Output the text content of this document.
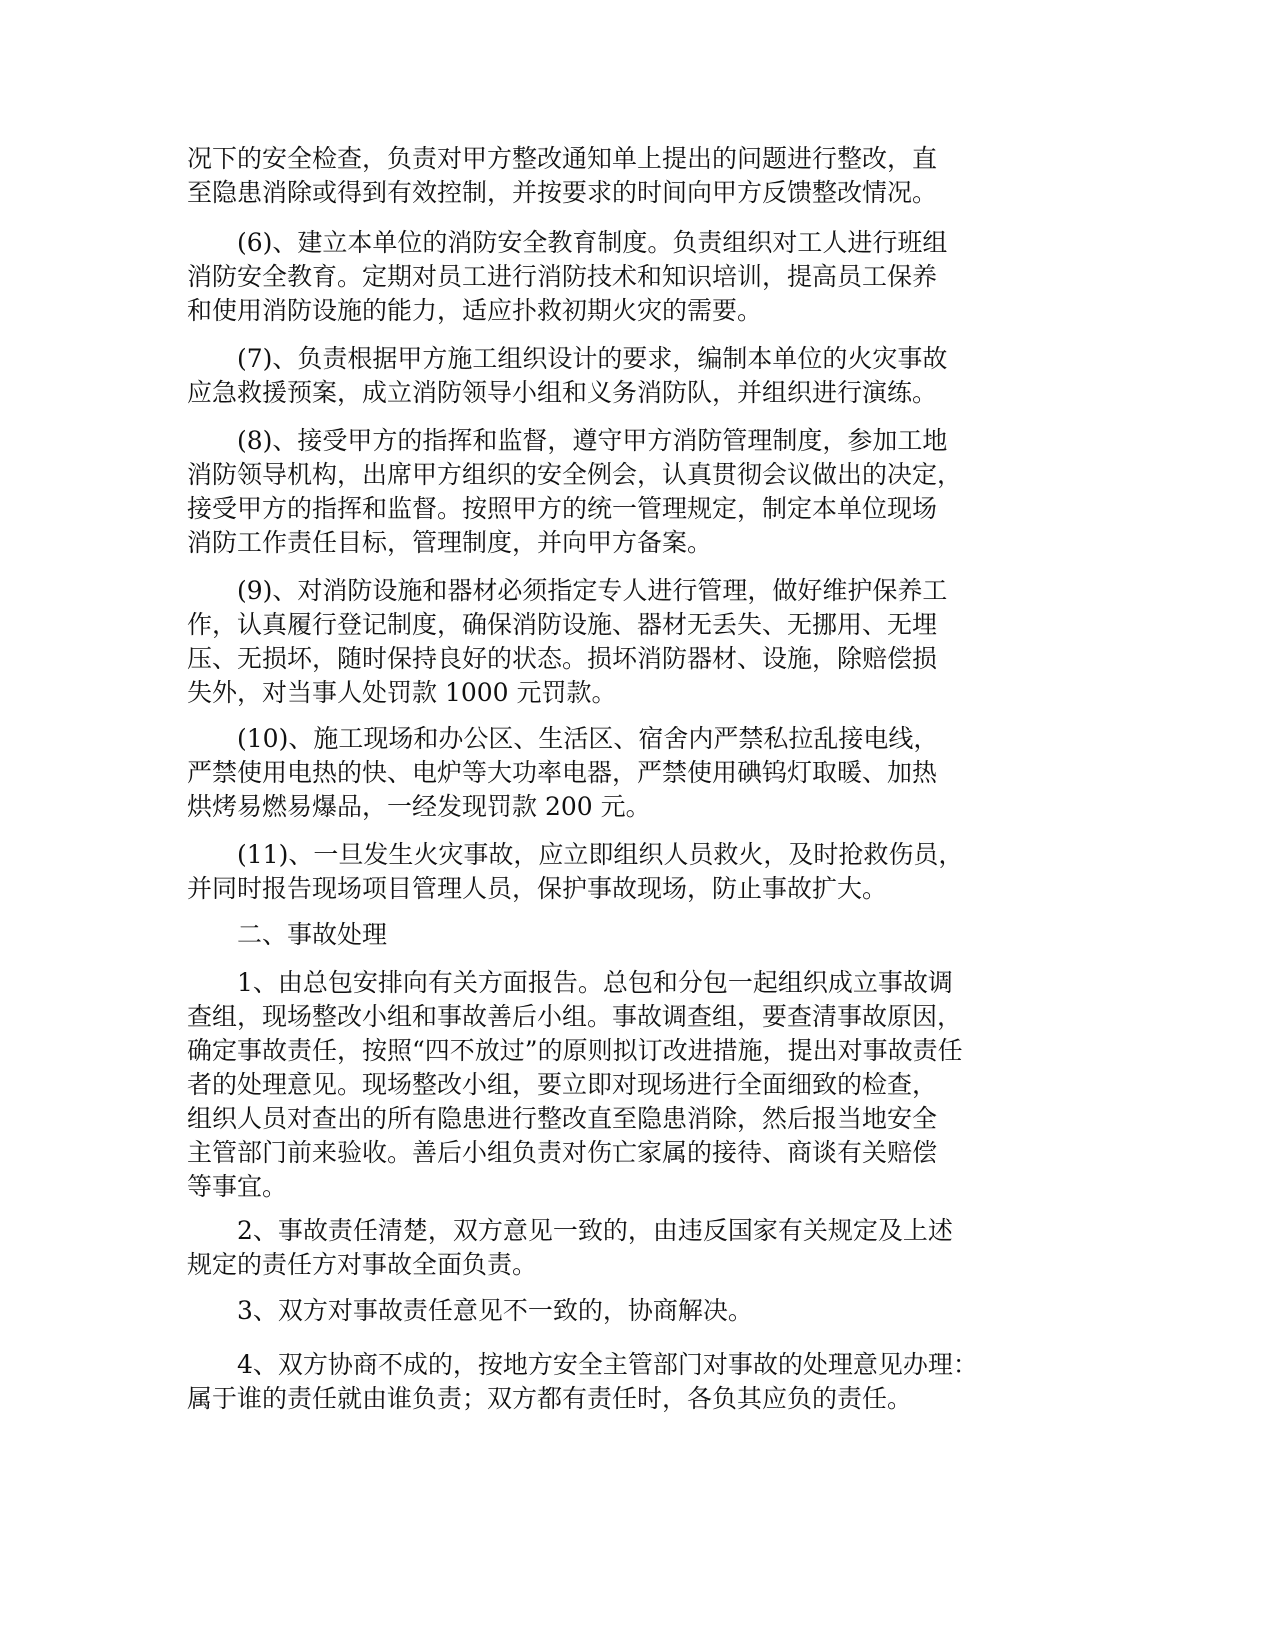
况下的安全检查，负责对甲方整改通知单上提出的问题进行整改，直
至隐患消除或得到有效控制，并按要求的时间向甲方反馈整改情况。
　　(6)、建立本单位的消防安全教育制度。负责组织对工人进行班组
消防安全教育。定期对员工进行消防技术和知识培训，提高员工保养
和使用消防设施的能力，适应扑救初期火灾的需要。
　　(7)、负责根据甲方施工组织设计的要求，编制本单位的火灾事故
应急救援预案，成立消防领导小组和义务消防队，并组织进行演练。
　　(8)、接受甲方的指挥和监督，遵守甲方消防管理制度，参加工地
消防领导机构，出席甲方组织的安全例会，认真贯彻会议做出的决定，
接受甲方的指挥和监督。按照甲方的统一管理规定，制定本单位现场
消防工作责任目标，管理制度，并向甲方备案。
　　(9)、对消防设施和器材必须指定专人进行管理，做好维护保养工
作，认真履行登记制度，确保消防设施、器材无丢失、无挪用、无埋
压、无损坏，随时保持良好的状态。损坏消防器材、设施，除赔偿损
失外，对当事人处罚款 1000 元罚款。
　　(10)、施工现场和办公区、生活区、宿舍内严禁私拉乱接电线，
严禁使用电热的快、电炉等大功率电器，严禁使用碘钨灯取暖、加热
烘烤易燃易爆品，一经发现罚款 200 元。
　　(11)、一旦发生火灾事故，应立即组织人员救火，及时抢救伤员，
并同时报告现场项目管理人员，保护事故现场，防止事故扩大。
　　二、事故处理
　　1、由总包安排向有关方面报告。总包和分包一起组织成立事故调
查组，现场整改小组和事故善后小组。事故调查组，要查清事故原因，
确定事故责任，按照“四不放过”的原则拟订改进措施，提出对事故责任
者的处理意见。现场整改小组，要立即对现场进行全面细致的检查，
组织人员对查出的所有隐患进行整改直至隐患消除，然后报当地安全
主管部门前来验收。善后小组负责对伤亡家属的接待、商谈有关赔偿
等事宜。
　　2、事故责任清楚，双方意见一致的，由违反国家有关规定及上述
规定的责任方对事故全面负责。
　　3、双方对事故责任意见不一致的，协商解决。
　　4、双方协商不成的，按地方安全主管部门对事故的处理意见办理：
属于谁的责任就由谁负责；双方都有责任时，各负其应负的责任。
